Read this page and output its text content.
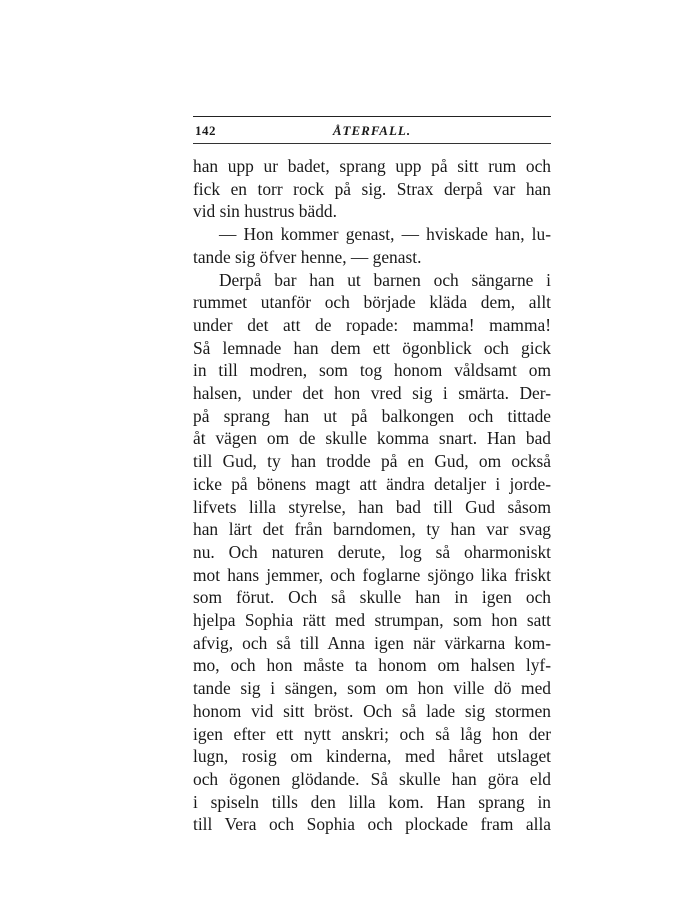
142	ÅTERFALL.

han upp ur badet, sprang upp på sitt rum och

fick en torr rock på sig. Strax derpå var han

vid sin hustrus bädd.

— Hon kommer genast, — hviskade han, lu-

tande sig öfver henne, — genast.

Derpå bar han ut barnen och sängarne i

rummet utanför och började kläda dem, allt

under det att de ropade: mamma! mamma!

Så lemnade han dem ett ögonblick och gick

in till modren, som tog honom våldsamt om

halsen, under det hon vred sig i smärta. Der-

på sprang han ut på balkongen och tittade

åt vägen om de skulle komma snart. Han bad

till Gud, ty han trodde på en Gud, om också

icke på bönens magt att ändra detaljer i jorde-

lifvets lilla styrelse, han bad till Gud såsom

han lärt det från barndomen, ty han var svag

nu. Och naturen derute, log så oharmoniskt

mot hans jemmer, och foglarne sjöngo lika friskt

som förut. Och så skulle han in igen och

hjelpa Sophia rätt med strumpan, som hon satt

afvig, och så till Anna igen när värkarna kom-

mo, och hon måste ta honom om halsen lyf-

tande sig i sängen, som om hon ville dö med

honom vid sitt bröst. Och så lade sig stormen

igen efter ett nytt anskri; och så låg hon der

lugn, rosig om kinderna, med håret utslaget

och ögonen glödande. Så skulle han göra eld

i spiseln tills den lilla kom. Han sprang in

till Vera och Sophia och plockade fram alla
